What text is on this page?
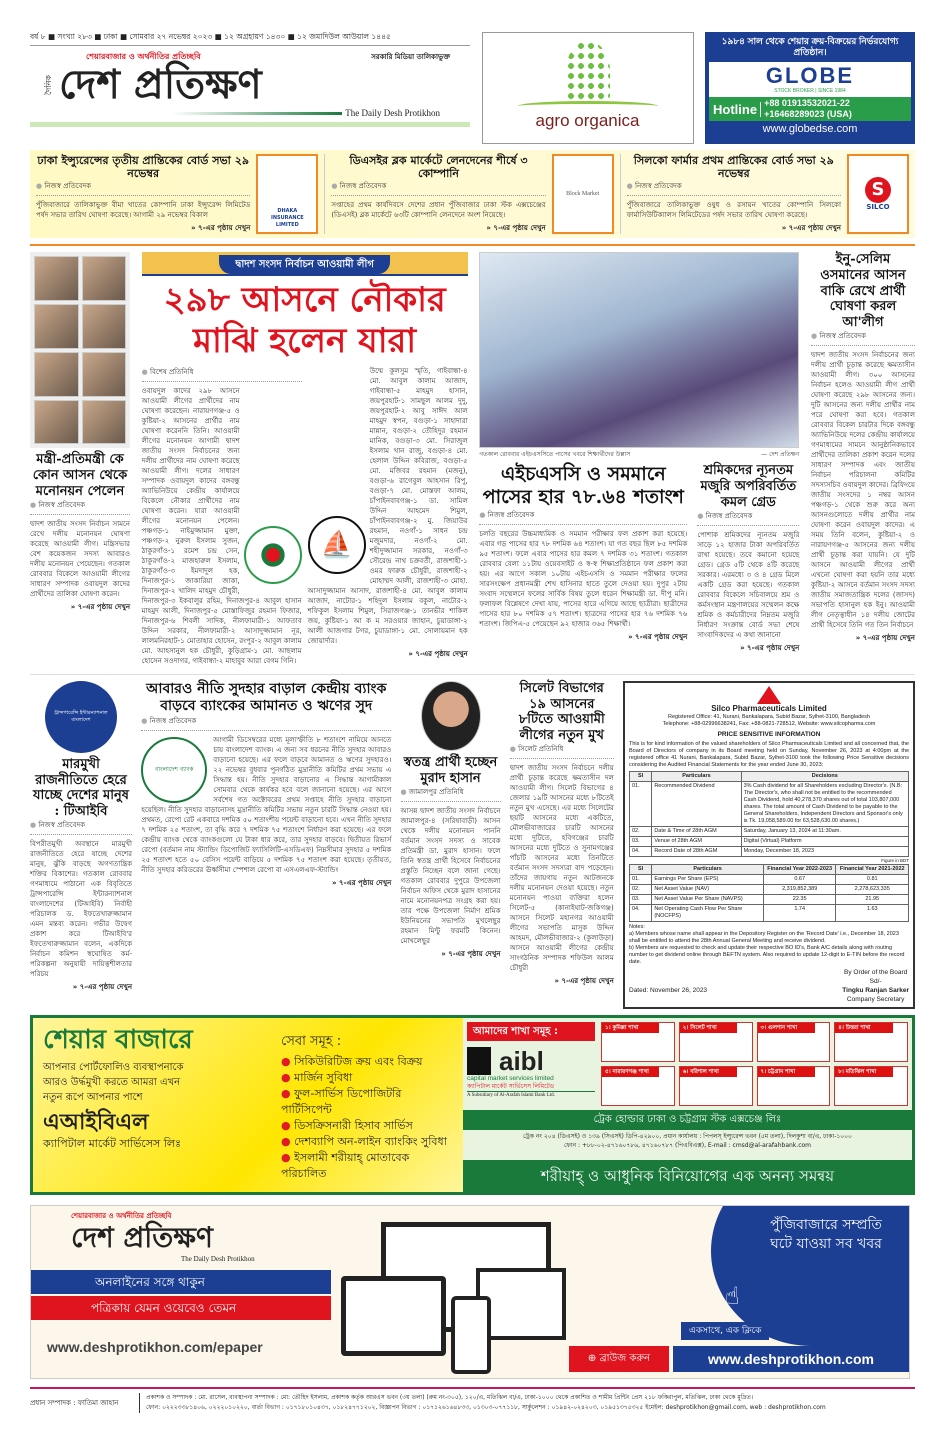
বর্ষ ৮ ■ সংখ্যা ২৮৩ ■ ঢাকা ■ সোমবার ২৭ নভেম্বর ২০২৩ ■ ১২ অগ্রহায়ণ ১৪৩০ ■ ১২ জমাদিউল আউয়াল ১৪৪৫
শেয়ারবাজার ও অর্থনীতির প্রতিচ্ছবি	সরকারি মিডিয়া তালিকাভুক্ত
দৈনিক দেশ প্রতিক্ষণ
The Daily Desh Protikhon	agro organica
১৯৮৪ সাল থেকে শেয়ার ক্রয়-বিক্রয়ের নির্ভরযোগ্য প্রতিষ্ঠান।
GLOBE
STOCK BROKER | SINCE 1984
Hotline +88 01913532021-22
+16468289023 (USA)
www.globedse.com
ঢাকা ইন্স্যুরেন্সের তৃতীয় প্রান্তিকের বোর্ড সভা ২৯ নভেম্বর
● নিজস্ব প্রতিবেদক
পুঁজিবাজারে তালিকাভুক্ত বীমা খাতের কোম্পানি ঢাকা ইন্স্যুরেন্স লিমিটেড পর্ষদ সভার তারিখ ঘোষণা করেছে। আগামী ২৯ নভেম্বর বিকাল
» ৭-এর পৃষ্ঠায় দেখুন
DHAKA INSURANCE LIMITED
ডিএসইর ব্লক মার্কেটে লেনদেনের শীর্ষে ৩ কোম্পানি
● নিজস্ব প্রতিবেদক
সপ্তাহের প্রথম কার্যদিবসে দেশের প্রধান পুঁজিবাজার ঢাকা স্টক এক্সচেঞ্জের (ডিএসই) ব্লক মার্কেটে ৬৩টি কোম্পানি লেনদেনে অংশ নিয়েছে।
» ৭-এর পৃষ্ঠায় দেখুন
Block Market
সিলকো ফার্মার প্রথম প্রান্তিকের বোর্ড সভা ২৯ নভেম্বর
● নিজস্ব প্রতিবেদক
পুঁজিবাজারে তালিকাভুক্ত ওষুধ ও রসায়ন খাতের কোম্পানি সিলকো ফার্মাসিউটিক্যালস লিমিটেডের পর্ষদ সভার তারিখ ঘোষণা করেছে।
» ৭-এর পৃষ্ঠায় দেখুন
S
SILCO
মন্ত্রী-প্রতিমন্ত্রী কে কোন আসন থেকে মনোনয়ন পেলেন
● নিজস্ব প্রতিবেদক
দ্বাদশ জাতীয় সংসদ নির্বাচন সামনে রেখে দলীয় মনোনয়ন ঘোষণা করেছে আওয়ামী লীগ। মন্ত্রিসভার বেশ কয়েকজন সদস্য আবারও দলীয় মনোনয়ন পেয়েছেন। গতকাল রোববার বিকেলে আওয়ামী লীগের সাধারণ সম্পাদক ওবায়দুল কাদের প্রার্থীদের তালিকা ঘোষণা করেন।
» ৭-এর পৃষ্ঠায় দেখুন
দ্বাদশ সংসদ নির্বাচন আওয়ামী লীগ
২৯৮ আসনে নৌকার
মাঝি হলেন যারা
● বিশেষ প্রতিনিধি
ওবায়দুল কাদের ২৯৮ আসনে আওয়ামী লীগের প্রার্থীদের নাম ঘোষণা করেছেন। নারায়ণগঞ্জ-৫ ও কুষ্টিয়া-২ আসনের প্রার্থীর নাম ঘোষণা করেননি তিনি। আওয়ামী লীগের মনোনয়ন আগামী দ্বাদশ জাতীয় সংসদ নির্বাচনের জন্য দলীয় প্রার্থীদের নাম ঘোষণা করেছে আওয়ামী লীগ। দলের সাধারণ সম্পাদক ওবায়দুল কাদের বঙ্গবন্ধু অ্যাভিনিউয়ে কেন্দ্রীয় কার্যালয়ে বিকেলে নৌকার প্রার্থীদের নাম ঘোষণা করেন। যারা আওয়ামী লীগের মনোনয়ন পেলেন। পঞ্চগড়-১ নাইমুজ্জামান মুক্তা, পঞ্চগড়-২ নুরুল ইসলাম সুজন, ঠাকুরগাঁও-১ রমেশ চন্দ্র সেন, ঠাকুরগাঁও-২ মাজহারুল ইসলাম, ঠাকুরগাঁও-৩ ইমদাদুল হক, দিনাজপুর-১ জাকারিয়া জাকা, দিনাজপুর-২ খালিদ মাহমুদ চৌধুরী, দিনাজপুর-৩ ইকবালুর রহিম, দিনাজপুর-৪ আবুল হাসান মাহমুদ আলী, দিনাজপুর-৫ মোস্তাফিজুর রহমান ফিজার, দিনাজপুর-৬ শিবলী সাদিক, নীলফামারী-১ আফতাব উদ্দিন সরকার, নীলফামারী-২ আসাদুজ্জামান নূর, লালমনিরহাট-১ মোতাহার হোসেন, রংপুর-২ আবুল কালাম মো. আহসানুল হক চৌধুরী, কুড়িগ্রাম-১ মো. আছলাম হোসেন সওদাগর, গাইবান্ধা-২ মাহাবুব আরা বেগম গিনি।
⛵
উম্মে কুলসুম স্মৃতি, গাইবান্ধা-৪ মো. আবুল কালাম আজাদ, গাইবান্ধা-৫ মাহমুদ হাসান, জয়পুরহাট-১ সামছুল আলম দুদু, জয়পুরহাট-২ আবু সাঈদ আল মাহমুদ স্বপন, বগুড়া-১ সাহাদারা মান্নান, বগুড়া-২ তৌহিদুর রহমান মানিক, বগুড়া-৩ মো. সিরাজুল ইসলাম খান রাজু, বগুড়া-৪ মো. হেলাল উদ্দিন কবিরাজ, বগুড়া-৫ মো. মজিবর রহমান (মজনু), বগুড়া-৬ রাগেবুল আহসান রিপু, বগুড়া-৭ মো. মোস্তফা আলম, চাঁপাইনবাবগঞ্জ-১ ডা. সামিল উদ্দিন আহমেদ শিমুল, চাঁপাইনবাবগঞ্জ-২ মু. জিয়াউর রহমান, নওগাঁ-১ সাধন চন্দ্র মজুমদার, নওগাঁ-২ মো. শহীদুজ্জামান সরকার, নওগাঁ-৩ সৌরেন্দ্র নাথ চক্রবর্তী, রাজশাহী-১ ওমর ফারুক চৌধুরী, রাজশাহী-২ মোহাম্মদ আলী, রাজশাহী-৩ মোহা. আসাদুজ্জামান আসাদ, রাজশাহী-৪ মো. আবুল কালাম আজাদ, নাটোর-১ শহিদুল ইসলাম বকুল, নাটোর-২ শফিকুল ইসলাম শিমুল, সিরাজগঞ্জ-১ তানভীর শাকিল জয়, কুষ্টিয়া-১ আ ক ম সরওয়ার জাহান, চুয়াডাঙ্গা-২ আলী আজগার টগর, চুয়াডাঙ্গা-১ মো. সোলায়মান হক জোয়ার্দার।
» ৭-এর পৃষ্ঠায় দেখুন
গতকাল রোববার এইচএসসিতে পাসের খবরে শিক্ষার্থীদের উল্লাস	— দেশ প্রতিক্ষণ
এইচএসসি ও সমমানে পাসের হার ৭৮.৬৪ শতাংশ
● নিজস্ব প্রতিবেদক
চলতি বছরের উচ্চমাধ্যমিক ও সমমান পরীক্ষার ফল প্রকাশ করা হয়েছে। এবার গড় পাসের হার ৭৮ দশমিক ৬৪ শতাংশ। যা গত বছর ছিল ৮৫ দশমিক ৯৫ শতাংশ। ফলে এবার পাসের হার কমল ৭ দশমিক ৩১ শতাংশ। গতকাল রোববার বেলা ১১টায় ওয়েবসাইট ও স্ব-স্ব শিক্ষাপ্রতিষ্ঠানে ফল প্রকাশ করা হয়। এর আগে সকাল ১০টায় এইচএসসি ও সমমান পরীক্ষার ফলের সারসংক্ষেপ প্রধানমন্ত্রী শেখ হাসিনার হাতে তুলে দেওয়া হয়। দুপুর ২টায় সংবাদ সম্মেলনে ফলের সার্বিক বিষয় তুলে ধরেন শিক্ষামন্ত্রী ডা. দীপু মনি। ফলাফল বিশ্লেষণে দেখা যায়, পাসের হারে এগিয়ে আছে ছাত্রীরা। ছাত্রীদের পাসের হার ৮০ দশমিক ৫৭ শতাংশ। ছাত্রদের পাসের হার ৭৬ দশমিক ৭৬ শতাংশ। জিপিএ-৫ পেয়েছেন ৯২ হাজার ৩৬৫ শিক্ষার্থী।
» ৭-এর পৃষ্ঠায় দেখুন
শ্রমিকদের ন্যূনতম মজুরি অপরিবর্তিত কমল গ্রেড
● নিজস্ব প্রতিবেদক
পোশাক শ্রমিকদের ন্যূনতম মজুরি সাড়ে ১২ হাজার টাকা অপরিবর্তিত রাখা হয়েছে। তবে কমানো হয়েছে গ্রেড। গ্রেড ৫টি থেকে ৪টি করেছে সরকার। এরমধ্যে ৩ ও ৪ গ্রেড মিলে একটি গ্রেড করা হয়েছে। গতকাল রোববার বিকেলে সচিবালয়ে শ্রম ও কর্মসংস্থান মন্ত্রণালয়ের সম্মেলন কক্ষে শ্রমিক ও কর্মচারীদের নিম্নতম মজুরি নির্ধারণ সংক্রান্ত বোর্ড সভা শেষে সাংবাদিকদের এ কথা জানানো
» ৭-এর পৃষ্ঠায় দেখুন
ইনু-সেলিম ওসমানের আসন বাকি রেখে প্রার্থী ঘোষণা করল আ'লীগ
● নিজস্ব প্রতিবেদক
দ্বাদশ জাতীয় সংসদ নির্বাচনের জন্য দলীয় প্রার্থী চূড়ান্ত করেছে ক্ষমতাসীন আওয়ামী লীগ। ৩০০ আসনের নির্বাচন হলেও আওয়ামী লীগ প্রার্থী ঘোষণা করেছে ২৯৮ আসনের জন্য। দুটি আসনের জন্য দলীয় প্রার্থীর নাম পরে ঘোষণা করা হবে। গতকাল রোববার বিকেল চারটার দিকে বঙ্গবন্ধু অ্যাভিনিউয়ে দলের কেন্দ্রীয় কার্যালয়ে গণমাধ্যমের সামনে আনুষ্ঠানিকভাবে প্রার্থীদের তালিকা প্রকাশ করেন দলের সাধারণ সম্পাদক এবং জাতীয় নির্বাচন পরিচালনা কমিটির সদস্যসচিব ওবায়দুল কাদের। ব্রিফিংয়ে জাতীয় সংসদের ১ নম্বর আসন পঞ্চগড়-১ থেকে শুরু করে অন্য আসনগুলোতে দলীয় প্রার্থীর নাম ঘোষণা করেন ওবায়দুল কাদের। এ সময় তিনি বলেন, কুষ্টিয়া-২ ও নারায়ণগঞ্জ-৫ আসনের জন্য দলীয় প্রার্থী চূড়ান্ত করা যায়নি। যে দুটি আসনে আওয়ামী লীগের প্রার্থী এখনো ঘোষণা করা হয়নি তার মধ্যে কুষ্টিয়া-২ আসনে বর্তমান সংসদ সদস্য জাতীয় সমাজতান্ত্রিক দলের (জাসদ) সভাপতি হাসানুল হক ইনু। আওয়ামী লীগ নেতৃত্বাধীন ১৪ দলীয় জোটের প্রার্থী হিসেবে তিনি গত তিন নির্বাচনে
» ৭-এর পৃষ্ঠায় দেখুন
ট্রান্সপারেন্সি ইন্টারন্যাশনাল বাংলাদেশ
মারমুখী রাজনীতিতে হেরে যাচ্ছে দেশের মানুষ : টিআইবি
● নিজস্ব প্রতিবেদক
বিপরীতমুখী অবস্থানে মারমুখী রাজনীতিতে হেরে যাচ্ছে দেশের মানুষ, ঝুঁকি বাড়ছে অগণতান্ত্রিক শক্তির বিকাশের। গতকাল রোববার গণমাধ্যমে পাঠানো এক বিবৃতিতে ট্রান্সপারেন্সি ইন্টারন্যাশনাল বাংলাদেশের (টিআইবি) নির্বাহী পরিচালক ড. ইফতেখারুজ্জামান এমন মন্তব্য করেন। গভীর উদ্বেগ প্রকাশ করে টিআইবি'র ইফতেখারুজ্জামান বলেন, একদিকে নির্বাচন কমিশন স্বঘোষিত কর্ম-পরিকল্পনা অনুযায়ী দায়িত্বশীলতার পরিচয়
» ৭-এর পৃষ্ঠায় দেখুন
আবারও নীতি সুদহার বাড়াল কেন্দ্রীয় ব্যাংক
বাড়বে ব্যাংকের আমানত ও ঋণের সুদ
● নিজস্ব প্রতিবেদক
বাংলাদেশ ব্যাংক
আগামী ডিসেম্বরের মধ্যে মূল্যস্ফীতি ৮ শতাংশে নামিয়ে আনতে চায় বাংলাদেশ ব্যাংক। এ জন্য সব ধরনের নীতি সুদহার আবারও বাড়ানো হয়েছে। এর ফলে বাড়বে আমানত ও ঋণের সুদহারও। ২২ নভেম্বর বুধবার পুনর্গঠিত মুদ্রানীতি কমিটির প্রথম সভায় এ সিদ্ধান্ত হয়। নীতি সুদহার বাড়ানোর এ সিদ্ধান্ত আগামীকাল সোমবার থেকে কার্যকর হবে বলে জানানো হয়েছে। এর আগে সর্বশেষ গত অক্টোবরের প্রথম সপ্তাহে নীতি সুদহার বাড়ানো হয়েছিল। নীতি সুদহার বাড়ানোসহ মুদ্রানীতি কমিটির সভায় নতুন চারটি সিদ্ধান্ত নেওয়া হয়। প্রথমত, রেপো রেট একবারে দশমিক ৫০ শতাংশীয় পয়েন্ট বাড়ানো হবে। এখন নীতি সুদহার ৭ দশমিক ২৫ শতাংশ, তা বৃদ্ধি করে ৭ দশমিক ৭৫ শতাংশে নির্ধারণ করা হয়েছে। এর ফলে কেন্দ্রীয় ব্যাংক থেকে ব্যাংকগুলো যে টাকা ধার করে, তার সুদহার বাড়বে। দ্বিতীয়ত রিভার্স রেপো (বর্তমান নাম স্ট্যান্ডিং ডিপোজিট ফ্যাসিলিটি-এসডিএফ) নিম্নসীমার সুদহার ৫ দশমিক ২৫ শতাংশ হতে ৫০ বেসিস পয়েন্ট বাড়িয়ে ৫ দশমিক ৭৫ শতাংশ করা হয়েছে। তৃতীয়ত, নীতি সুদহার করিডরের ঊর্ধ্বসীমা স্পেশাল রেপো বা এসএলএফ-স্ট্যান্ডিং
» ৭-এর পৃষ্ঠায় দেখুন
স্বতন্ত্র প্রার্থী হচ্ছেন মুরাদ হাসান
● জামালপুর প্রতিনিধি
আসন্ন দ্বাদশ জাতীয় সংসদ নির্বাচনে জামালপুর-৪ (সরিষাবাড়ী) আসন থেকে দলীয় মনোনয়ন পাননি বর্তমান সংসদ সদস্য ও সাবেক প্রতিমন্ত্রী ডা. মুরাদ হাসান। ফলে তিনি স্বতন্ত্র প্রার্থী হিসেবে নির্বাচনের প্রস্তুতি নিচ্ছেন বলে জানা গেছে। গতকাল রোববার দুপুরে উপজেলা নির্বাচন অফিস থেকে মুরাদ হাসানের নামে মনোনয়নপত্র সংগ্রহ করা হয়। তার পক্ষে উপজেলা নির্মাণ শ্রমিক ইউনিয়নের সভাপতি মুখলেছুর রহমান মিন্টু ফরমটি কিনেন। মোখলেছুর
» ৭-এর পৃষ্ঠায় দেখুন
সিলেট বিভাগের ১৯ আসনের ৮টিতে আওয়ামী লীগের নতুন মুখ
● সিলেট প্রতিনিধি
দ্বাদশ জাতীয় সংসদ নির্বাচনে দলীয় প্রার্থী চূড়ান্ত করেছে ক্ষমতাসীন দল আওয়ামী লীগ। সিলেট বিভাগের ৪ জেলার ১৯টি আসনের মধ্যে ৮টিতেই নতুন মুখ এসেছে। এর মধ্যে সিলেটের ছয়টি আসনের মধ্যে একটিতে, মৌলভীবাজারের চারটি আসনের মধ্যে দুটিতে, হবিগঞ্জের চারটি আসনের মধ্যে দুটিতে ও সুনামগঞ্জের পাঁচটি আসনের মধ্যে তিনটিতে বর্তমান সংসদ সদস্যরা বাদ পড়েছেন। তাঁদের জায়গায় নতুন আটজনকে দলীয় মনোনয়ন দেওয়া হয়েছে। নতুন মনোনয়ন পাওয়া ব্যক্তিরা হলেন সিলেট-৫ (কানাইঘাট-জকিগঞ্জ) আসনে সিলেট মহানগর আওয়ামী লীগের সভাপতি মাসুক উদ্দিন আহমদ, মৌলভীবাজার-২ (কুলাউড়া) আসনে আওয়ামী লীগের কেন্দ্রীয় সাংগঠনিক সম্পাদক শফিউল আলম চৌধুরী
» ৭-এর পৃষ্ঠায় দেখুন
Silco Pharmaceuticals Limited
Registered Office: 41, Nurani, Bankalapara, Subid Bazar, Sylhet-3100, Bangladesh
Telephone: +88-02996638241, Fax: +88-0821-728512, Website: www.silcopharma.com
PRICE SENSITIVE INFORMATION
This is for kind information of the valued shareholders of Silco Pharmaceuticals Limited and all concerned that, the Board of Directors of company in its Board meeting held on Sunday, November 26, 2023 at 4:00pm at the registered office 41 Nurani, Bankalapara, Subid Bazar, Sylhet-3100 took the following Price Sensitive decisions considering the Audited Financial Statements for the year ended June 30, 2023:
Sl	Particulars	Decisions
01.	Recommended Dividend	3% Cash dividend for all Shareholders excluding Director's. (N.B: The Director's, who shall not be entitled to the recommended Cash Dividend, hold 40,278,370 shares out of total 103,807,000 shares. The total amount of Cash Dividend to be payable to the General Shareholders, Independent Directors and Sponsor's only is Tk. 19,058,589.00 for 63,528,630.00 shares.)
02.	Date & Time of 28th AGM	Saturday, January 13, 2024 at 11:30am.
03.	Venue of 28th AGM	Digital (Virtual) Platform
04.	Record Date of 28th AGM	Monday, December 18, 2023
Figure in BDT
Sl	Particulars	Financial Year 2022-2023	Financial Year 2021-2022
01.	Earnings Per Share (EPS)	0.67	0.81
02.	Net Asset Value (NAV)	2,319,852,389	2,278,623,335
03.	Net Asset Value Per Share (NAVPS)	22.35	21.95
04.	Net Operating Cash Flow Per Share (NOCFPS)	1.74	1.63
Notes:
a) Members whose name shall appear in the Depository Register on the 'Record Date' i.e., December 18, 2023 shall be entitled to attend the 28th Annual General Meeting and receive dividend.
b) Members are requested to check and update their respective BO ID's, Bank A/C details along with routing number to get dividend online through BEFTN system. Also required to update 12-digit to E-TIN before the record date.
Dated: November 26, 2023
By Order of the Board
Sd/-
Tingku Ranjan Sarker
Company Secretary
শেয়ার বাজারে
আপনার পোর্টফোলিও ব্যবস্থাপনাকে
আরও উর্দ্ধমুখী করতে আমরা এখন
নতুন রূপে আপনার পাশে
এআইবিএল
ক্যাপিটাল মার্কেট সার্ভিসেস লিঃ
সেবা সমূহ :
● সিকিউরিটিজ ক্রয় এবং বিক্রয়
● মার্জিন সুবিধা
● ফুল-সার্ভিস ডিপোজিটরি পার্টিসিপেন্ট
● ডিসক্রিসনারী হিসাব সার্ভিস
● দেশব্যাপি অন-লাইন ব্যাংকিং সুবিধা
● ইসলামী শরীয়াহ্ মোতাবেক পরিচালিত
আমাদের শাখা সমূহ :
aibl
capital market services limited
ক্যাপিটাল মার্কেট সার্ভিসেস লিমিটেড
A Subsidiary of Al-Arafah Islami Bank Ltd.
১। কুমিল্লা শাখা	২। সিলেট শাখা	৩। গুলশান শাখা	৪। উত্তরা শাখা
৫। নারায়ণগঞ্জ শাখা	৬। বরিশাল শাখা	৭। চট্টগ্রাম শাখা	৮। মতিঝিল শাখা
ট্রেক হোল্ডার ঢাকা ও চট্টগ্রাম স্টক এক্সচেঞ্জ লিঃ
ট্রেক নং ২০৪ (ডিএসই) ও ১৩৯ (সিএসই) ডিপি-৪২৯০০, প্রধান কার্যালয় : পিপলস্ ইন্স্যুরেন্স ভবন (৫ম তলা), দিলকুশা বা/এ, ঢাকা-১০০০
ফোন : +৮৮-০২-৪৭১৬০৭৮৬, ৪৭১৬০৭৮৭ (পিএবিএক্স), E-mail : cmsd@al-arafahbank.com
শরীয়াহ্ ও আধুনিক বিনিয়োগের এক অনন্য সমন্বয়
শেয়ারবাজার ও অর্থনীতির প্রতিচ্ছবি
দেশ প্রতিক্ষণ
The Daily Desh Protikhon
অনলাইনের সঙ্গে থাকুন
পত্রিকায় যেমন ওয়েবেও তেমন
www.deshprotikhon.com/epaper
⊕ ব্রাউজ করুন
পুঁজিবাজারে সম্প্রতি ঘটে যাওয়া সব খবর
☝
একসাথে, এক ক্লিকে
www.deshprotikhon.com
প্রধান সম্পাদক : ফাতিমা জাহান
প্রকাশক ও সম্পাদক : মো. রাসেল, ব্যবস্থাপনা সম্পাদক : মো: তৌহিদ ইসলাম, প্রকাশক কর্তৃক আরএস ভবন (৩য় তলা) (রুম নং-৩০৫), ১২০/এ, মতিঝিল বা/এ, ঢাকা-১০০০ থেকে প্রকাশিত ও শামীম প্রিন্টিং প্রেস ২১৮ ফকিরাপুল, মতিঝিল, ঢাকা থেকে মুদ্রিত।
ফোন: ০২২২৩৩৮১৪০৬, ০২২২০১০২২০, বার্তা বিভাগ : ০১৭১৮০১০৪৩৭, ০১৮২৪৭৭১২০২, বিজ্ঞাপন বিভাগ : ০১৭১২৬১৬৪৮৩৩, ০১৩০৩-০৭৭১১৮, সার্কুলেশন : ০১৯৪২-০২৪২০৩, ০১৯৫১৩৭৫৩২৫ ইমেইল: deshprotikhon@gmail.com, web : deshprotikhon.com
